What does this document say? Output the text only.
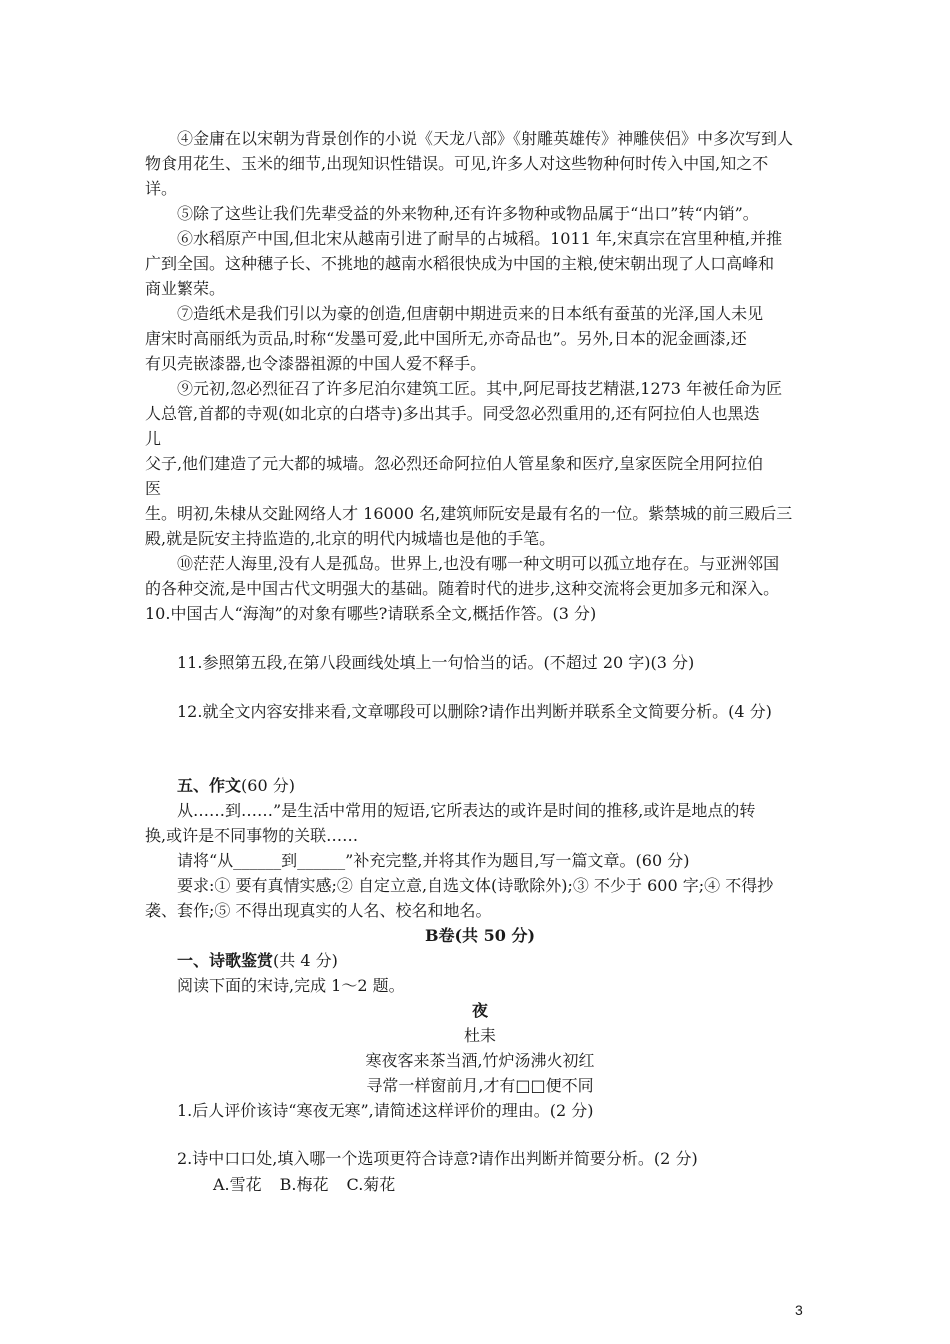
④金庸在以宋朝为背景创作的小说《天龙八部》《射雕英雄传》神雕侠侣》中多次写到人
物食用花生、玉米的细节,出现知识性错误。可见,许多人对这些物种何时传入中国,知之不
详。
⑤除了这些让我们先辈受益的外来物种,还有许多物种或物品属于“出口”转“内销”。
⑥水稻原产中国,但北宋从越南引进了耐旱的占城稻。1011 年,宋真宗在宫里种植,并推
广到全国。这种穗子长、不挑地的越南水稻很快成为中国的主粮,使宋朝出现了人口高峰和
商业繁荣。
⑦造纸术是我们引以为豪的创造,但唐朝中期进贡来的日本纸有蚕茧的光泽,国人未见
唐宋时高丽纸为贡品,时称“发墨可爱,此中国所无,亦奇品也”。另外,日本的泥金画漆,还
有贝壳嵌漆器,也令漆器祖源的中国人爱不释手。
⑨元初,忽必烈征召了许多尼泊尔建筑工匠。其中,阿尼哥技艺精湛,1273 年被任命为匠
人总管,首都的寺观(如北京的白塔寺)多出其手。同受忽必烈重用的,还有阿拉伯人也黑迭
儿
父子,他们建造了元大都的城墙。忽必烈还命阿拉伯人管星象和医疗,皇家医院全用阿拉伯
医
生。明初,朱棣从交趾网络人才 16000 名,建筑师阮安是最有名的一位。紫禁城的前三殿后三
殿,就是阮安主持监造的,北京的明代内城墙也是他的手笔。
⑩茫茫人海里,没有人是孤岛。世界上,也没有哪一种文明可以孤立地存在。与亚洲邻国
的各种交流,是中国古代文明强大的基础。随着时代的进步,这种交流将会更加多元和深入。
10.中国古人“海淘”的对象有哪些?请联系全文,概括作答。(3 分)
11.参照第五段,在第八段画线处填上一句恰当的话。(不超过 20 字)(3 分)
12.就全文内容安排来看,文章哪段可以删除?请作出判断并联系全文简要分析。(4 分)
五、作文(60 分)
从……到……”是生活中常用的短语,它所表达的或许是时间的推移,或许是地点的转
换,或许是不同事物的关联……
请将“从______到______”补充完整,并将其作为题目,写一篇文章。(60 分)
要求:① 要有真情实感;② 自定立意,自选文体(诗歌除外);③ 不少于 600 字;④ 不得抄
袭、套作;⑤ 不得出现真实的人名、校名和地名。
B卷(共 50 分)
一、诗歌鉴赏(共 4 分)
阅读下面的宋诗,完成 1～2 题。
夜
杜耒
寒夜客来茶当酒,竹炉汤沸火初红
寻常一样窗前月,才有□□便不同
1.后人评价该诗“寒夜无寒”,请简述这样评价的理由。(2 分)
2.诗中口口处,填入哪一个选项更符合诗意?请作出判断并简要分析。(2 分)
A.雪花 B.梅花 C.菊花
3
